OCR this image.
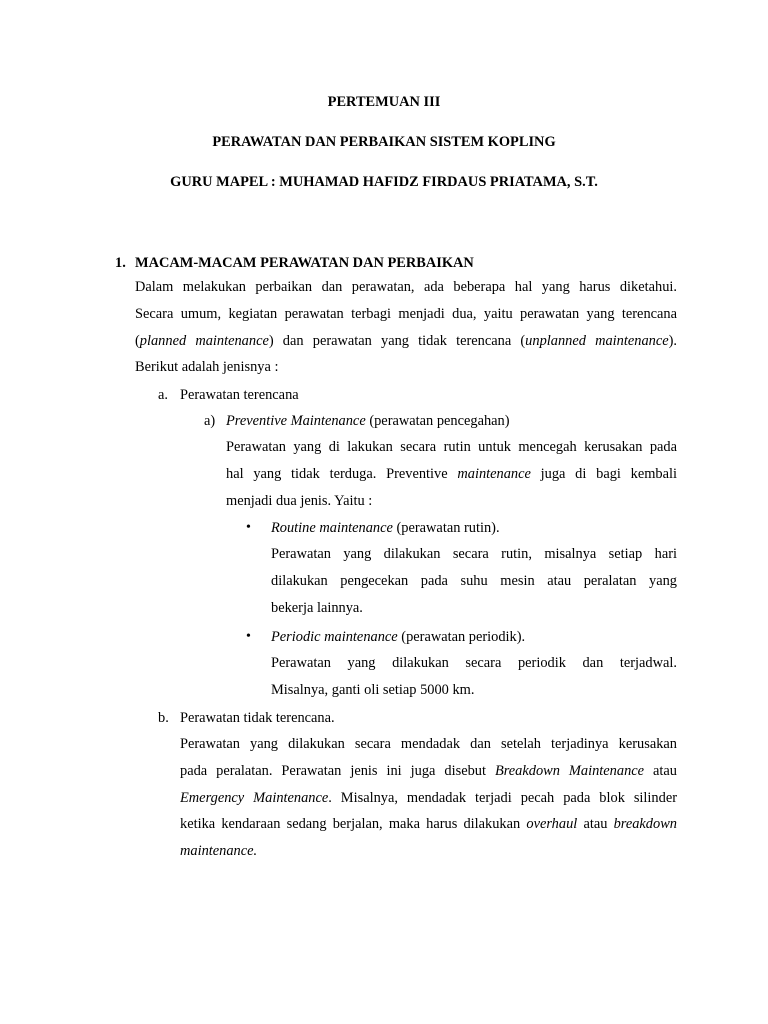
PERTEMUAN III
PERAWATAN DAN PERBAIKAN SISTEM KOPLING
GURU MAPEL : MUHAMAD HAFIDZ FIRDAUS PRIATAMA, S.T.
1. MACAM-MACAM PERAWATAN DAN PERBAIKAN
Dalam melakukan perbaikan dan perawatan, ada beberapa hal yang harus diketahui.
Secara umum, kegiatan perawatan terbagi menjadi dua, yaitu perawatan yang terencana
(planned maintenance) dan perawatan yang tidak terencana (unplanned maintenance).
Berikut adalah jenisnya :
a. Perawatan terencana
a) Preventive Maintenance (perawatan pencegahan)
Perawatan yang di lakukan secara rutin untuk mencegah kerusakan pada
hal yang tidak terduga. Preventive maintenance juga di bagi kembali
menjadi dua jenis. Yaitu :
• Routine maintenance (perawatan rutin).
Perawatan yang dilakukan secara rutin, misalnya setiap hari
dilakukan pengecekan pada suhu mesin atau peralatan yang
bekerja lainnya.
• Periodic maintenance (perawatan periodik).
Perawatan yang dilakukan secara periodik dan terjadwal.
Misalnya, ganti oli setiap 5000 km.
b. Perawatan tidak terencana.
Perawatan yang dilakukan secara mendadak dan setelah terjadinya kerusakan
pada peralatan. Perawatan jenis ini juga disebut Breakdown Maintenance atau
Emergency Maintenance. Misalnya, mendadak terjadi pecah pada blok silinder
ketika kendaraan sedang berjalan, maka harus dilakukan overhaul atau breakdown
maintenance.
